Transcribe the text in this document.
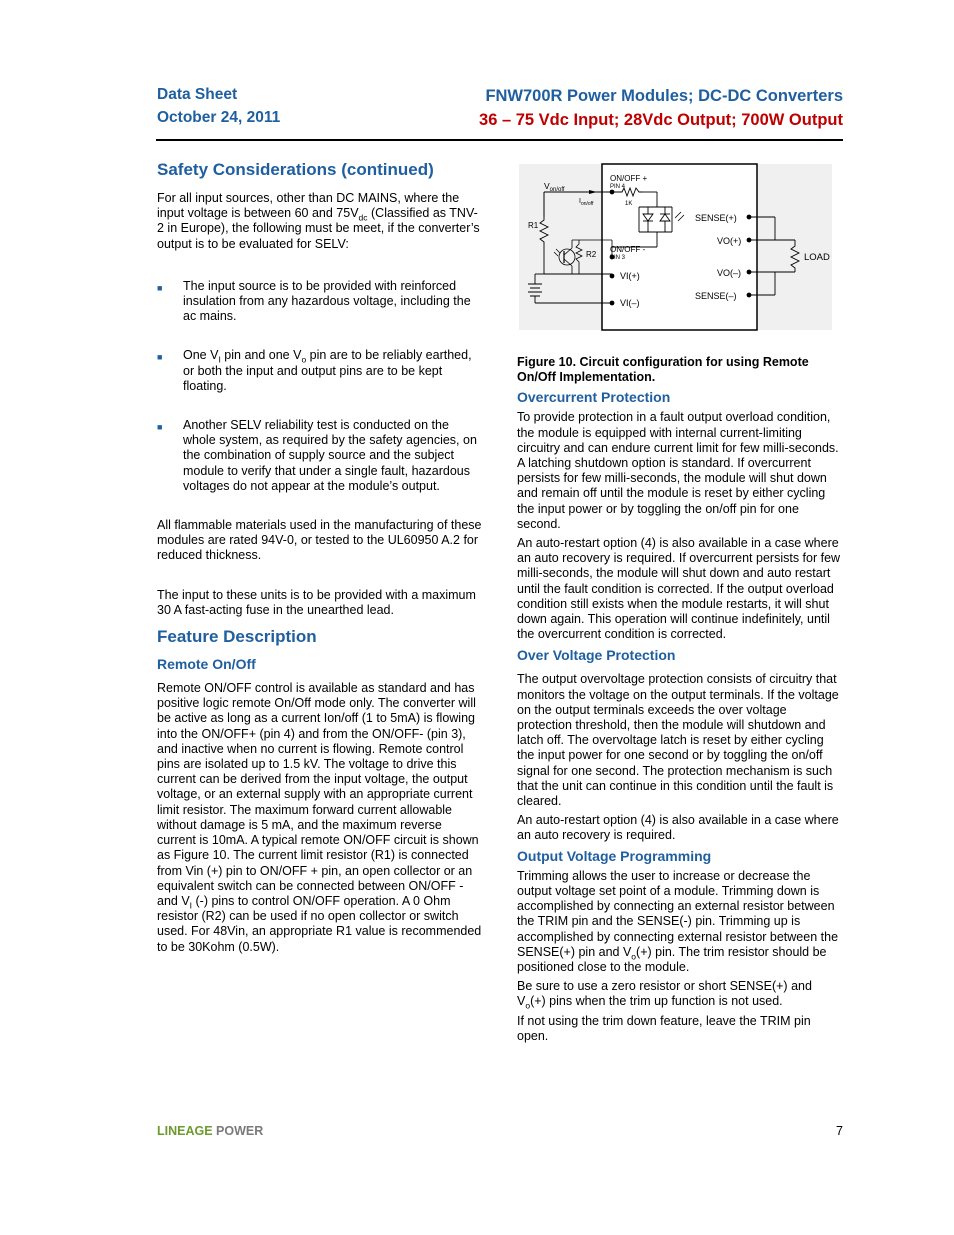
Data Sheet
October 24, 2011
FNW700R Power Modules; DC-DC Converters
36 – 75 Vdc Input; 28Vdc Output; 700W Output
Safety Considerations (continued)

For all input sources, other than DC MAINS, where the input voltage is between 60 and $75V_{dc}$ (Classified as TNV-2 in Europe), the following must be meet, if the converter’s output is to be evaluated for SELV:

■	The input source is to be provided with reinforced insulation from any hazardous voltage, including the ac mains.
■	One $V_I$ pin and one $V_o$ pin are to be reliably earthed, or both the input and output pins are to be kept floating.
■	Another SELV reliability test is conducted on the whole system, as required by the safety agencies, on the combination of supply source and the subject module to verify that under a single fault, hazardous voltages do not appear at the module’s output.

All flammable materials used in the manufacturing of these modules are rated 94V-0, or tested to the UL60950 A.2 for reduced thickness.

The input to these units is to be provided with a maximum 30 A fast-acting fuse in the unearthed lead.

Feature Description
Remote On/Off

Remote ON/OFF control is available as standard and has positive logic remote On/Off mode only. The converter will be active as long as a current Ion/off (1 to 5mA) is flowing into the ON/OFF+ (pin 4) and from the ON/OFF- (pin 3), and inactive when no current is flowing. Remote control pins are isolated up to 1.5 kV. The voltage to drive this current can be derived from the input voltage, the output voltage, or an external supply with an appropriate current limit resistor. The maximum forward current allowable without damage is 5 mA, and the maximum reverse current is 10mA. A typical remote ON/OFF circuit is shown as Figure 10. The current limit resistor (R1) is connected from Vin (+) pin to ON/OFF + pin, an open collector or an equivalent switch can be connected between ON/OFF - and $V_I$ (-) pins to control ON/OFF operation. A 0 Ohm resistor (R2) can be used if no open collector or switch used. For 48Vin, an appropriate R1 value is recommended to be 30Kohm (0.5W).

$V_{on/off}$
$I_{on/off}$
ON/OFF +
PIN 4
1K
ON/OFF -
PIN 3
R1
R2
VI(+)
VI(–)
SENSE(+)
VO(+)
VO(–)
SENSE(–)
LOAD
Figure 10. Circuit configuration for using Remote On/Off Implementation.
Overcurrent Protection

To provide protection in a fault output overload condition, the module is equipped with internal current-limiting circuitry and can endure current limit for few milli-seconds. A latching shutdown option is standard. If overcurrent persists for few milli-seconds, the module will shut down and remain off until the module is reset by either cycling the input power or by toggling the on/off pin for one second.

An auto-restart option (4) is also available in a case where an auto recovery is required. If overcurrent persists for few milli-seconds, the module will shut down and auto restart until the fault condition is corrected. If the output overload condition still exists when the module restarts, it will shut down again. This operation will continue indefinitely, until the overcurrent condition is corrected.

Over Voltage Protection

The output overvoltage protection consists of circuitry that monitors the voltage on the output terminals. If the voltage on the output terminals exceeds the over voltage protection threshold, then the module will shutdown and latch off. The overvoltage latch is reset by either cycling the input power for one second or by toggling the on/off signal for one second. The protection mechanism is such that the unit can continue in this condition until the fault is cleared.

An auto-restart option (4) is also available in a case where an auto recovery is required.

Output Voltage Programming

Trimming allows the user to increase or decrease the output voltage set point of a module. Trimming down is accomplished by connecting an external resistor between the TRIM pin and the SENSE(-) pin. Trimming up is accomplished by connecting external resistor between the SENSE(+) pin and $V_o(+)$ pin. The trim resistor should be positioned close to the module.

Be sure to use a zero resistor or short SENSE(+) and $V_o(+)$ pins when the trim up function is not used.

If not using the trim down feature, leave the TRIM pin open.

LINEAGE POWER	7
